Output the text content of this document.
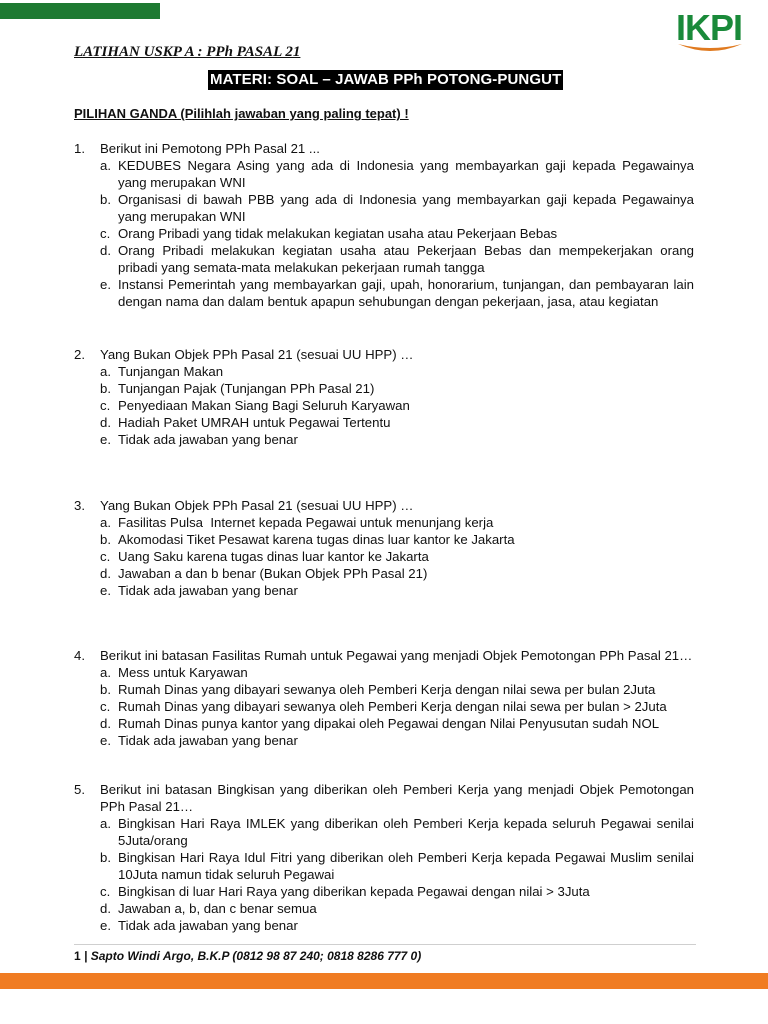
IKPI
LATIHAN USKP A : PPh PASAL 21
MATERI: SOAL – JAWAB PPh POTONG-PUNGUT
PILIHAN GANDA (Pilihlah jawaban yang paling tepat) !
1.	Berikut ini Pemotong PPh Pasal 21 ...
a. KEDUBES Negara Asing yang ada di Indonesia yang membayarkan gaji kepada Pegawainya yang merupakan WNI
b. Organisasi di bawah PBB yang ada di Indonesia yang membayarkan gaji kepada Pegawainya yang merupakan WNI
c. Orang Pribadi yang tidak melakukan kegiatan usaha atau Pekerjaan Bebas
d. Orang Pribadi melakukan kegiatan usaha atau Pekerjaan Bebas dan mempekerjakan orang pribadi yang semata-mata melakukan pekerjaan rumah tangga
e. Instansi Pemerintah yang membayarkan gaji, upah, honorarium, tunjangan, dan pembayaran lain dengan nama dan dalam bentuk apapun sehubungan dengan pekerjaan, jasa, atau kegiatan
2.	Yang Bukan Objek PPh Pasal 21 (sesuai UU HPP) …
a. Tunjangan Makan
b. Tunjangan Pajak (Tunjangan PPh Pasal 21)
c. Penyediaan Makan Siang Bagi Seluruh Karyawan
d. Hadiah Paket UMRAH untuk Pegawai Tertentu
e. Tidak ada jawaban yang benar
3.	Yang Bukan Objek PPh Pasal 21 (sesuai UU HPP) …
a. Fasilitas Pulsa  Internet kepada Pegawai untuk menunjang kerja
b. Akomodasi Tiket Pesawat karena tugas dinas luar kantor ke Jakarta
c. Uang Saku karena tugas dinas luar kantor ke Jakarta
d. Jawaban a dan b benar (Bukan Objek PPh Pasal 21)
e. Tidak ada jawaban yang benar
4.	Berikut ini batasan Fasilitas Rumah untuk Pegawai yang menjadi Objek Pemotongan PPh Pasal 21…
a. Mess untuk Karyawan
b. Rumah Dinas yang dibayari sewanya oleh Pemberi Kerja dengan nilai sewa per bulan 2Juta
c. Rumah Dinas yang dibayari sewanya oleh Pemberi Kerja dengan nilai sewa per bulan > 2Juta
d. Rumah Dinas punya kantor yang dipakai oleh Pegawai dengan Nilai Penyusutan sudah NOL
e. Tidak ada jawaban yang benar
5.	Berikut ini batasan Bingkisan yang diberikan oleh Pemberi Kerja yang menjadi Objek Pemotongan PPh Pasal 21…
a. Bingkisan Hari Raya IMLEK yang diberikan oleh Pemberi Kerja kepada seluruh Pegawai senilai 5Juta/orang
b. Bingkisan Hari Raya Idul Fitri yang diberikan oleh Pemberi Kerja kepada Pegawai Muslim senilai 10Juta namun tidak seluruh Pegawai
c. Bingkisan di luar Hari Raya yang diberikan kepada Pegawai dengan nilai > 3Juta
d. Jawaban a, b, dan c benar semua
e. Tidak ada jawaban yang benar
1 | Sapto Windi Argo, B.K.P (0812 98 87 240; 0818 8286 777 0)
